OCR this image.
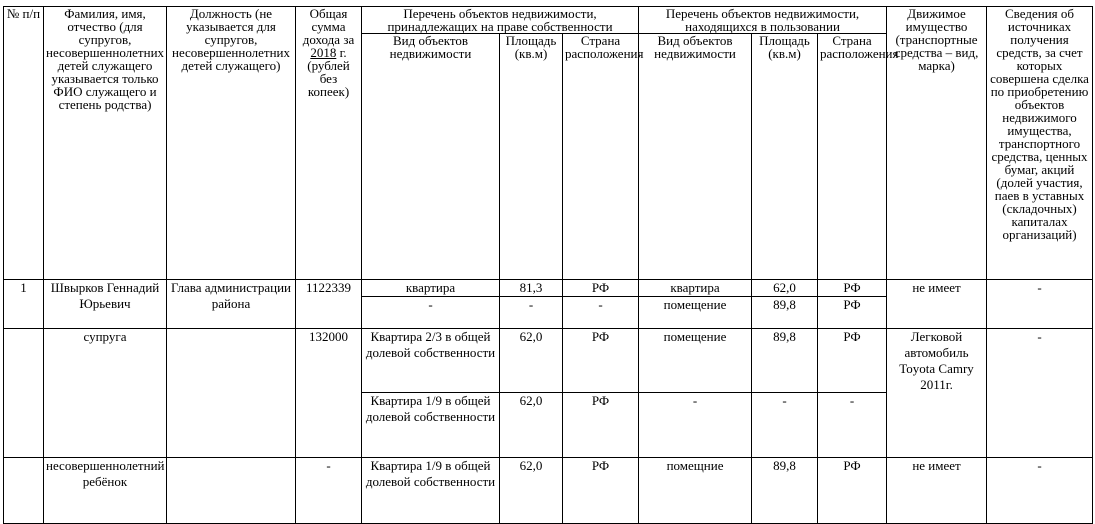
№ п/п	Фамилия, имя, отчество (для супругов, несовершеннолетних детей служащего указывается только ФИО служащего и степень родства)	Должность (не указывается для супругов, несовершеннолетних детей служащего)	Общая сумма дохода за 2018 г. (рублей без копеек)	Перечень объектов недвижимости, принадлежащих на праве собственности			Перечень объектов недвижимости, находящихся в пользовании			Движимое имущество (транспортные средства – вид, марка)	Сведения об источниках получения средств, за счет которых совершена сделка по приобретению объектов недвижимого имущества, транспортного средства, ценных бумаг, акций (долей участия, паев в уставных (складочных) капиталах организаций)
				Вид объектов недвижимости	Площадь (кв.м)	Страна расположения	Вид объектов недвижимости	Площадь (кв.м)	Страна расположения		
1	Швырков Геннадий Юрьевич	Глава администрации района	1122339	квартира	81,3	РФ	квартира	62,0	РФ	не имеет	-
				-	-	-	помещение	89,8	РФ		
	супруга		132000	Квартира 2/3 в общей долевой собственности	62,0	РФ	помещение	89,8	РФ	Легковой автомобиль Toyota Camry 2011г.	-
				Квартира 1/9 в общей долевой собственности	62,0	РФ	-	-	-		
	несовершеннолетний ребёнок		-	Квартира 1/9 в общей долевой собственности	62,0	РФ	помещние	89,8	РФ	не имеет	-
